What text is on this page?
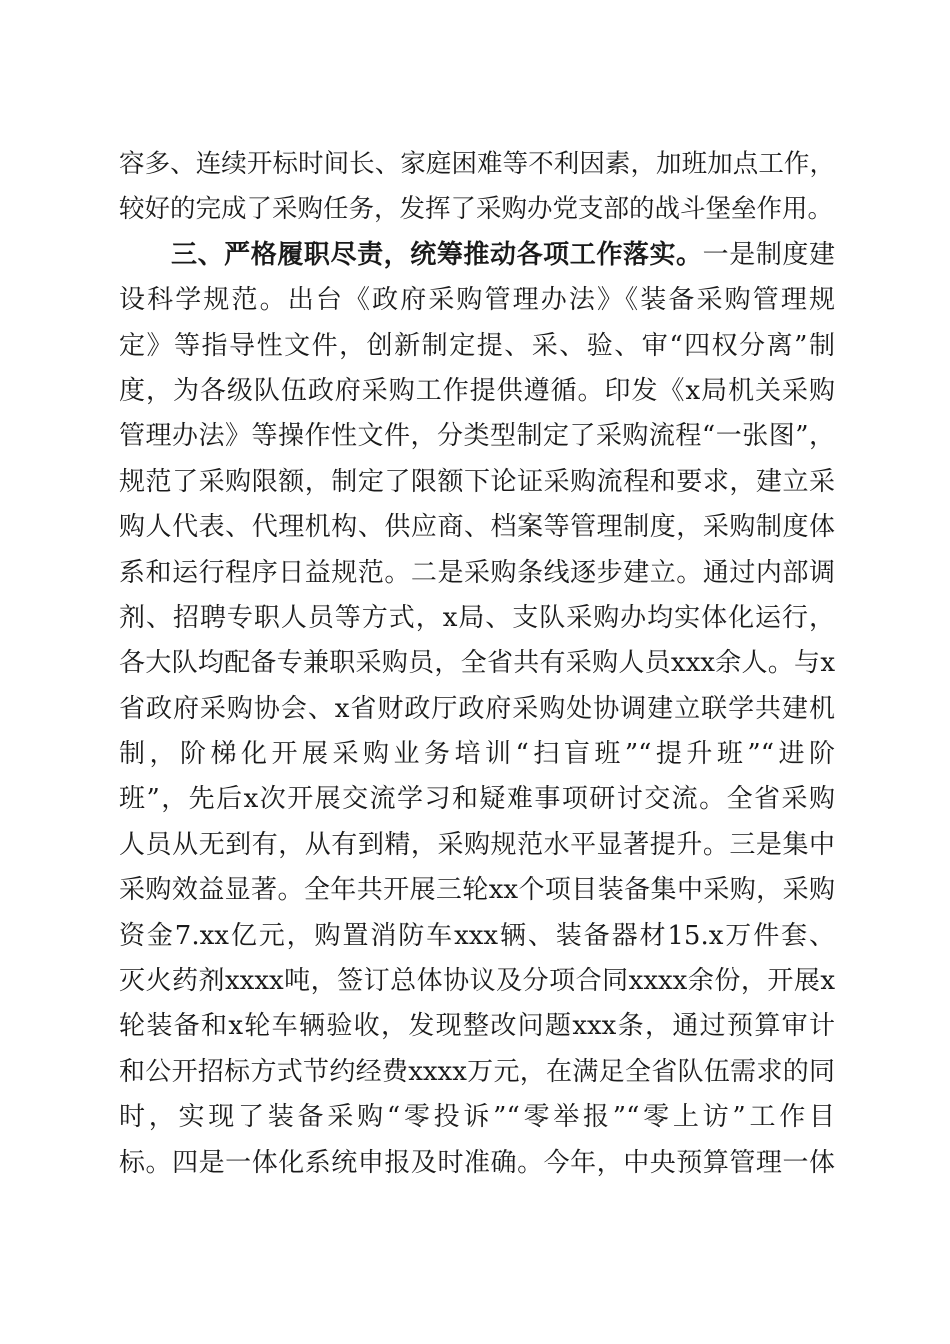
容多、连续开标时间长、家庭困难等不利因素，加班加点工作，
较好的完成了采购任务，发挥了采购办党支部的战斗堡垒作用。
三、严格履职尽责，统筹推动各项工作落实。一是制度建
设科学规范。出台《政府采购管理办法》《装备采购管理规
定》等指导性文件，创新制定提、采、验、审“四权分离”制
度，为各级队伍政府采购工作提供遵循。印发《x局机关采购
管理办法》等操作性文件，分类型制定了采购流程“一张图”，
规范了采购限额，制定了限额下论证采购流程和要求，建立采
购人代表、代理机构、供应商、档案等管理制度，采购制度体
系和运行程序日益规范。二是采购条线逐步建立。通过内部调
剂、招聘专职人员等方式，x局、支队采购办均实体化运行，
各大队均配备专兼职采购员，全省共有采购人员xxx余人。与x
省政府采购协会、x省财政厅政府采购处协调建立联学共建机
制，阶梯化开展采购业务培训“扫盲班”“提升班”“进阶
班”，先后x次开展交流学习和疑难事项研讨交流。全省采购
人员从无到有，从有到精，采购规范水平显著提升。三是集中
采购效益显著。全年共开展三轮xx个项目装备集中采购，采购
资金7.xx亿元，购置消防车xxx辆、装备器材15.x万件套、
灭火药剂xxxx吨，签订总体协议及分项合同xxxx余份，开展x
轮装备和x轮车辆验收，发现整改问题xxx条，通过预算审计
和公开招标方式节约经费xxxx万元，在满足全省队伍需求的同
时，实现了装备采购“零投诉”“零举报”“零上访”工作目
标。四是一体化系统申报及时准确。今年，中央预算管理一体
